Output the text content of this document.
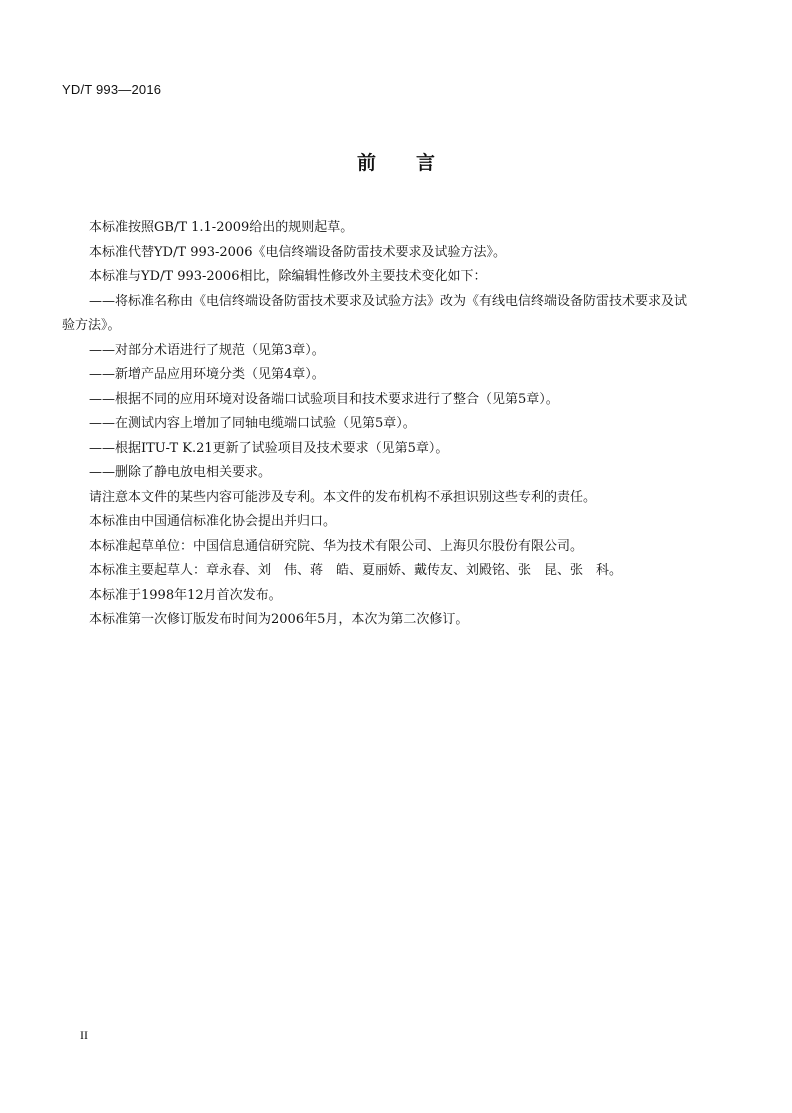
YD/T 993—2016
前言

本标准按照GB/T 1.1-2009给出的规则起草。

本标准代替YD/T 993-2006《电信终端设备防雷技术要求及试验方法》。

本标准与YD/T 993-2006相比，除编辑性修改外主要技术变化如下：

——将标准名称由《电信终端设备防雷技术要求及试验方法》改为《有线电信终端设备防雷技术要求及试验方法》。

——对部分术语进行了规范（见第3章）。

——新增产品应用环境分类（见第4章）。

——根据不同的应用环境对设备端口试验项目和技术要求进行了整合（见第5章）。

——在测试内容上增加了同轴电缆端口试验（见第5章）。

——根据ITU-T K.21更新了试验项目及技术要求（见第5章）。

——删除了静电放电相关要求。

请注意本文件的某些内容可能涉及专利。本文件的发布机构不承担识别这些专利的责任。

本标准由中国通信标准化协会提出并归口。

本标准起草单位：中国信息通信研究院、华为技术有限公司、上海贝尔股份有限公司。

本标准主要起草人：章永春、刘　伟、蒋　皓、夏丽娇、戴传友、刘殿铭、张　昆、张　科。

本标准于1998年12月首次发布。

本标准第一次修订版发布时间为2006年5月，本次为第二次修订。

II
